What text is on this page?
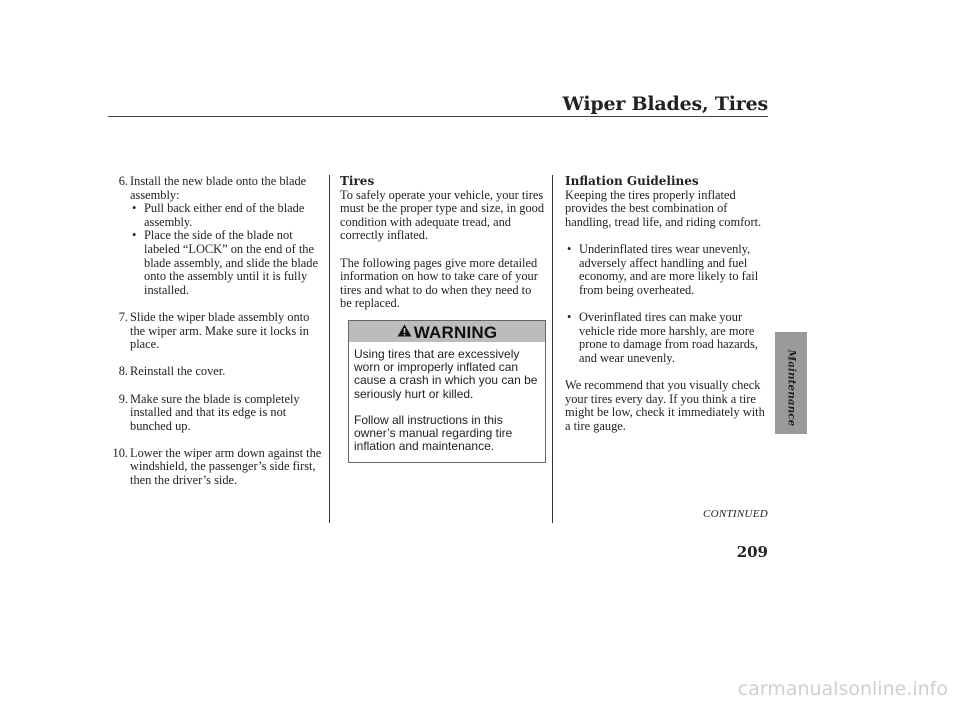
Wiper Blades, Tires
6. Install the new blade onto the blade assembly:
• Pull back either end of the blade assembly.
• Place the side of the blade not labeled “LOCK” on the end of the blade assembly, and slide the blade onto the assembly until it is fully installed.
7. Slide the wiper blade assembly onto the wiper arm. Make sure it locks in place.
8. Reinstall the cover.
9. Make sure the blade is completely installed and that its edge is not bunched up.
10. Lower the wiper arm down against the windshield, the passenger’s side first, then the driver’s side.
Tires
To safely operate your vehicle, your tires must be the proper type and size, in good condition with adequate tread, and correctly inflated.
The following pages give more detailed information on how to take care of your tires and what to do when they need to be replaced.
WARNING
Using tires that are excessively worn or improperly inflated can cause a crash in which you can be seriously hurt or killed.
Follow all instructions in this owner’s manual regarding tire inflation and maintenance.
Inflation Guidelines
Keeping the tires properly inflated provides the best combination of handling, tread life, and riding comfort.
• Underinflated tires wear unevenly, adversely affect handling and fuel economy, and are more likely to fail from being overheated.
• Overinflated tires can make your vehicle ride more harshly, are more prone to damage from road hazards, and wear unevenly.
We recommend that you visually check your tires every day. If you think a tire might be low, check it immediately with a tire gauge.
CONTINUED
209
Maintenance
carmanualsonline.info
